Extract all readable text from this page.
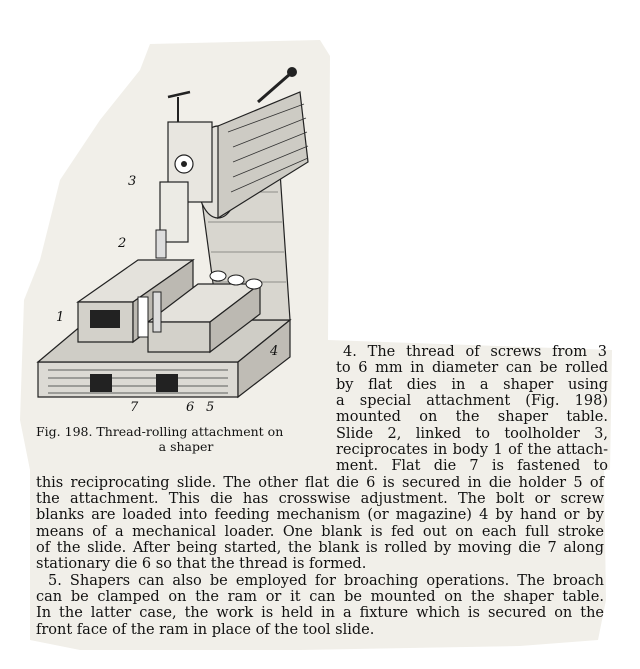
3
2
1
4
7	6 5
Fig. 198. Thread-rolling attachment on
a shaper
4. The thread of screws from 3
to 6 mm in diameter can be rolled
by flat dies in a shaper using
a special attachment (Fig. 198)
mounted on the shaper table.
Slide 2, linked to toolholder 3,
reciprocates in body 1 of the attach-
ment. Flat die 7 is fastened to
this reciprocating slide. The other flat die 6 is secured in die holder 5 of
the attachment. This die has crosswise adjustment. The bolt or screw
blanks are loaded into feeding mechanism (or magazine) 4 by hand or by
means of a mechanical loader. One blank is fed out on each full stroke
of the slide. After being started, the blank is rolled by moving die 7 along
stationary die 6 so that the thread is formed.
5. Shapers can also be employed for broaching operations. The broach
can be clamped on the ram or it can be mounted on the shaper table.
In the latter case, the work is held in a fixture which is secured on the
front face of the ram in place of the tool slide.
